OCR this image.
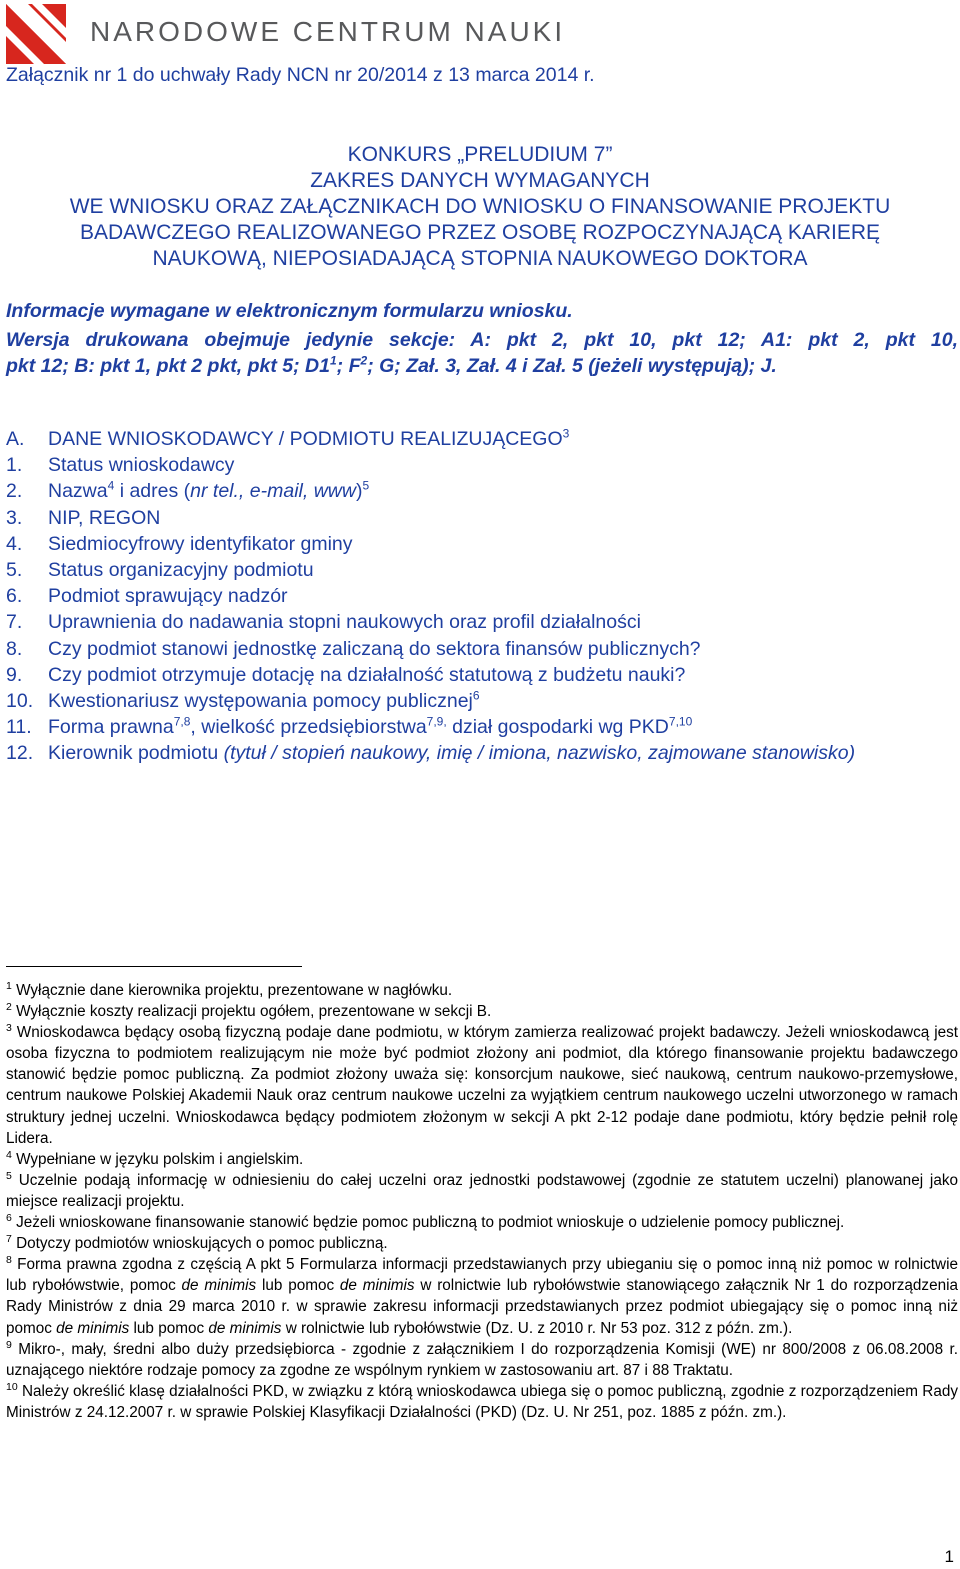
NARODOWE CENTRUM NAUKI
Załącznik nr 1 do uchwały Rady NCN nr 20/2014 z 13 marca 2014 r.
KONKURS „PRELUDIUM 7”
ZAKRES DANYCH WYMAGANYCH
WE WNIOSKU ORAZ ZAŁĄCZNIKACH DO WNIOSKU O FINANSOWANIE PROJEKTU
BADAWCZEGO REALIZOWANEGO PRZEZ OSOBĘ ROZPOCZYNAJĄCĄ KARIERĘ
NAUKOWĄ, NIEPOSIADAJĄCĄ STOPNIA NAUKOWEGO DOKTORA
Informacje wymagane w elektronicznym formularzu wniosku.
Wersja drukowana obejmuje jedynie sekcje: A: pkt 2, pkt 10, pkt 12; A1: pkt 2, pkt 10,
pkt 12; B: pkt 1, pkt 2 pkt, pkt 5; $D1^1$; $F^2$; G; Zał. 3, Zał. 4 i Zał. 5 (jeżeli występują); J.
A.	DANE WNIOSKODAWCY / PODMIOTU REALIZUJĄCEGO$^3$
1.	Status wnioskodawcy
2.	Nazwa$^4$ i adres (nr tel., e-mail, www)$^5$
3.	NIP, REGON
4.	Siedmiocyfrowy identyfikator gminy
5.	Status organizacyjny podmiotu
6.	Podmiot sprawujący nadzór
7.	Uprawnienia do nadawania stopni naukowych oraz profil działalności
8.	Czy podmiot stanowi jednostkę zaliczaną do sektora finansów publicznych?
9.	Czy podmiot otrzymuje dotację na działalność statutową z budżetu nauki?
10. Kwestionariusz występowania pomocy publicznej$^6$
11. Forma prawna$^{7,8}$, wielkość przedsiębiorstwa$^{7,9,}$ dział gospodarki wg PKD$^{7,10}$
12. Kierownik podmiotu (tytuł / stopień naukowy, imię / imiona, nazwisko, zajmowane stanowisko)
$^1$ Wyłącznie dane kierownika projektu, prezentowane w nagłówku.
$^2$ Wyłącznie koszty realizacji projektu ogółem, prezentowane w sekcji B.
$^3$ Wnioskodawca będący osobą fizyczną podaje dane podmiotu, w którym zamierza realizować projekt badawczy. Jeżeli wnioskodawcą jest osoba fizyczna to podmiotem realizującym nie może być podmiot złożony ani podmiot, dla którego finansowanie projektu badawczego stanowić będzie pomoc publiczną. Za podmiot złożony uważa się: konsorcjum naukowe, sieć naukową, centrum naukowo-przemysłowe, centrum naukowe Polskiej Akademii Nauk oraz centrum naukowe uczelni za wyjątkiem centrum naukowego uczelni utworzonego w ramach struktury jednej uczelni. Wnioskodawca będący podmiotem złożonym w sekcji A pkt 2-12 podaje dane podmiotu, który będzie pełnił rolę Lidera.
$^4$ Wypełniane w języku polskim i angielskim.
$^5$ Uczelnie podają informację w odniesieniu do całej uczelni oraz jednostki podstawowej (zgodnie ze statutem uczelni) planowanej jako miejsce realizacji projektu.
$^6$ Jeżeli wnioskowane finansowanie stanowić będzie pomoc publiczną to podmiot wnioskuje o udzielenie pomocy publicznej.
$^7$ Dotyczy podmiotów wnioskujących o pomoc publiczną.
$^8$ Forma prawna zgodna z częścią A pkt 5 Formularza informacji przedstawianych przy ubieganiu się o pomoc inną niż pomoc w rolnictwie lub rybołówstwie, pomoc de minimis lub pomoc de minimis w rolnictwie lub rybołówstwie stanowiącego załącznik Nr 1 do rozporządzenia Rady Ministrów z dnia 29 marca 2010 r. w sprawie zakresu informacji przedstawianych przez podmiot ubiegający się o pomoc inną niż pomoc de minimis lub pomoc de minimis w rolnictwie lub rybołówstwie (Dz. U. z 2010 r. Nr 53 poz. 312 z późn. zm.).
$^9$ Mikro-, mały, średni albo duży przedsiębiorca - zgodnie z załącznikiem I do rozporządzenia Komisji (WE) nr 800/2008 z 06.08.2008 r. uznającego niektóre rodzaje pomocy za zgodne ze wspólnym rynkiem w zastosowaniu art. 87 i 88 Traktatu.
$^{10}$ Należy określić klasę działalności PKD, w związku z którą wnioskodawca ubiega się o pomoc publiczną, zgodnie z rozporządzeniem Rady Ministrów z 24.12.2007 r. w sprawie Polskiej Klasyfikacji Działalności (PKD) (Dz. U. Nr 251, poz. 1885 z późn. zm.).
1
